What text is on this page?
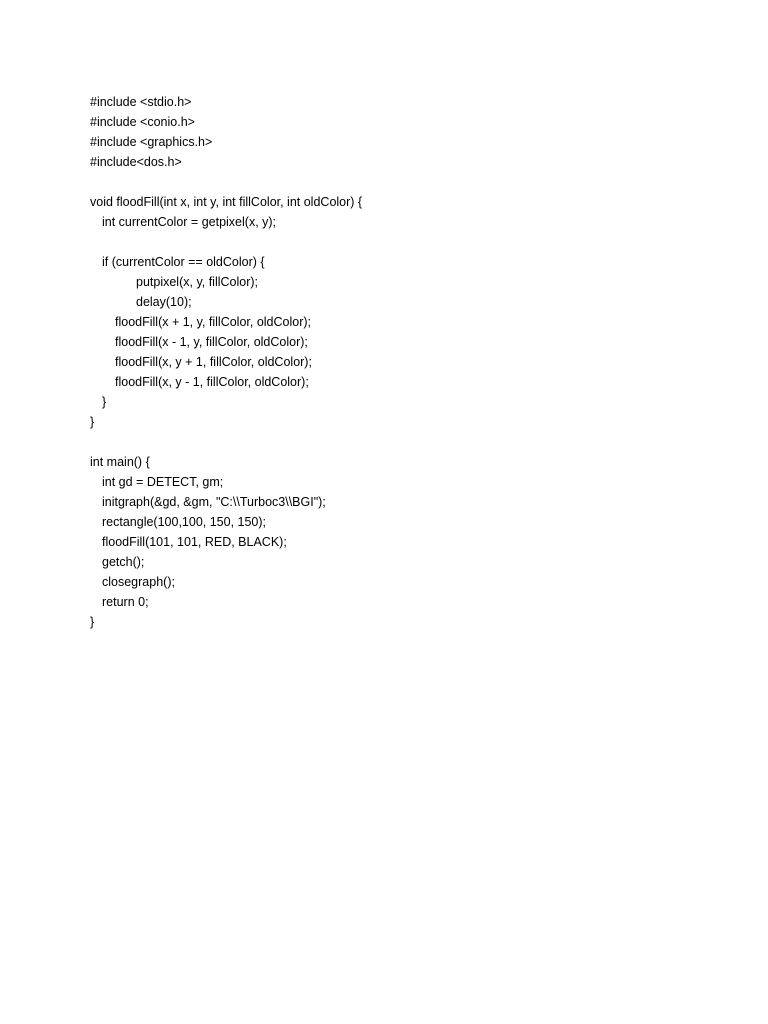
#include <stdio.h>
#include <conio.h>
#include <graphics.h>
#include<dos.h>
void floodFill(int x, int y, int fillColor, int oldColor) {
int currentColor = getpixel(x, y);
if (currentColor == oldColor) {
putpixel(x, y, fillColor);
delay(10);
floodFill(x + 1, y, fillColor, oldColor);
floodFill(x - 1, y, fillColor, oldColor);
floodFill(x, y + 1, fillColor, oldColor);
floodFill(x, y - 1, fillColor, oldColor);
}
}
int main() {
int gd = DETECT, gm;
initgraph(&gd, &gm, "C:\\Turboc3\\BGI");
rectangle(100,100, 150, 150);
floodFill(101, 101, RED, BLACK);
getch();
closegraph();
return 0;
}
